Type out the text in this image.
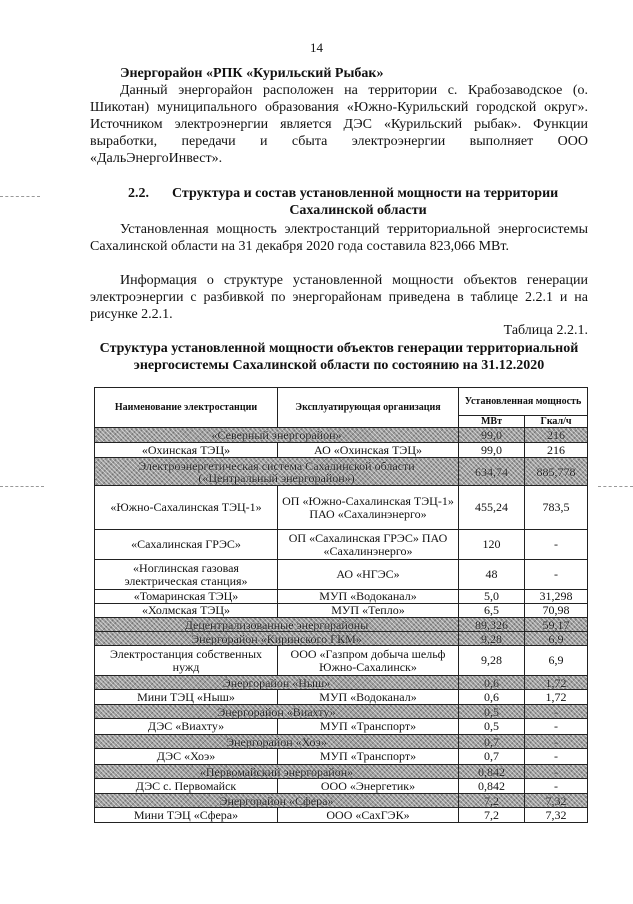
14
Энергорайон «РПК «Курильский Рыбак»
Данный энергорайон расположен на территории с. Крабозаводское (о. Шикотан) муниципального образования «Южно-Курильский городской округ». Источником электроэнергии является ДЭС «Курильский рыбак». Функции выработки, передачи и сбыта электроэнергии выполняет ООО «ДальЭнергоИнвест».
2.2. Структура и состав установленной мощности на территории
Сахалинской области
Установленная мощность электростанций территориальной энергосистемы Сахалинской области на 31 декабря 2020 года составила 823,066 МВт.
Информация о структуре установленной мощности объектов генерации электроэнергии с разбивкой по энергорайонам приведена в таблице 2.2.1 и на рисунке 2.2.1.
Таблица 2.2.1.
Структура установленной мощности объектов генерации территориальной энергосистемы Сахалинской области по состоянию на 31.12.2020
Наименование электростанции	Эксплуатирующая организация	Установленная мощность	
		МВт	Гкал/ч
«Северный энергорайон»		99,0	216
«Охинская ТЭЦ»	АО «Охинская ТЭЦ»	99,0	216
Электроэнергетическая система Сахалинской области («Центральный энергорайон»)		634,74	885,778
«Южно-Сахалинская ТЭЦ-1»	ОП «Южно-Сахалинская ТЭЦ-1» ПАО «Сахалинэнерго»	455,24	783,5
«Сахалинская ГРЭС»	ОП «Сахалинская ГРЭС» ПАО «Сахалинэнерго»	120	-
«Ноглинская газовая электрическая станция»	АО «НГЭС»	48	-
«Томаринская ТЭЦ»	МУП «Водоканал»	5,0	31,298
«Холмская ТЭЦ»	МУП «Тепло»	6,5	70,98
Децентрализованные энергорайоны		89,326	59,17
Энергорайон «Киринского ГКМ»		9,28	6,9
Электростанция собственных нужд	ООО «Газпром добыча шельф Южно-Сахалинск»	9,28	6,9
Энергорайон «Ныш»		0,6	1,72
Мини ТЭЦ «Ныш»	МУП «Водоканал»	0,6	1,72
Энергорайон «Виахту»		0,5	-
ДЭС «Виахту»	МУП «Транспорт»	0,5	-
Энергорайон «Хоэ»		0,7	-
ДЭС «Хоэ»	МУП «Транспорт»	0,7	-
«Первомайский энергорайон»		0,842	-
ДЭС с. Первомайск	ООО «Энергетик»	0,842	-
Энергорайон «Сфера»		7,2	7,32
Мини ТЭЦ «Сфера»	ООО «СахГЭК»	7,2	7,32
